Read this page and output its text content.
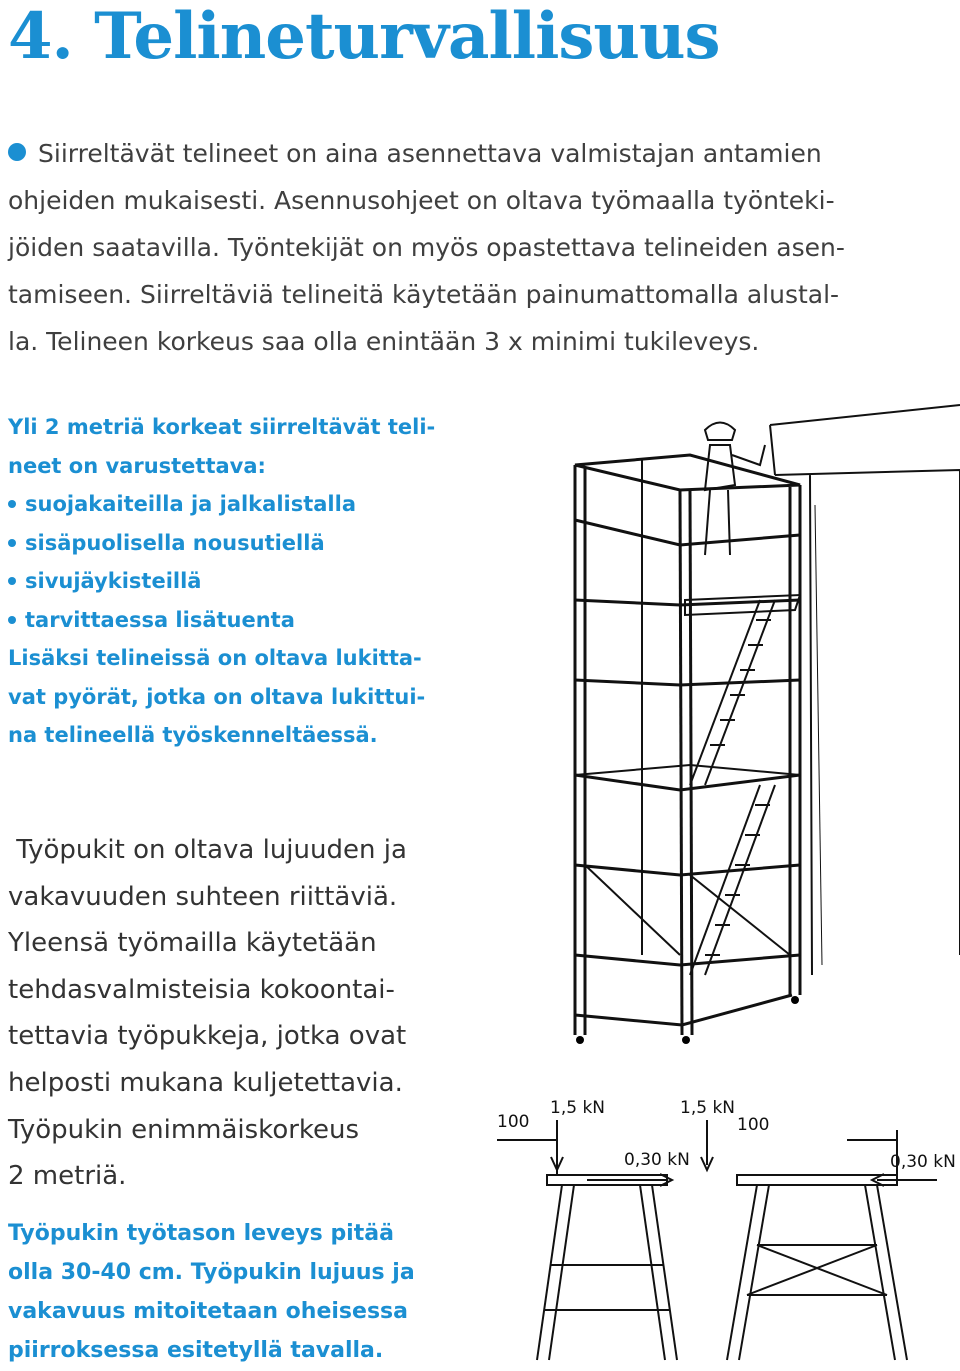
4. Telineturvallisuus
Siirreltävät telineet on aina asennettava valmistajan antamien
ohjeiden mukaisesti. Asennusohjeet on oltava työmaalla työnteki-
jöiden saatavilla. Työntekijät on myös opastettava telineiden asen-
tamiseen. Siirreltäviä telineitä käytetään painumattomalla alustal-
la. Telineen korkeus saa olla enintään 3 x minimi tukileveys.
Yli 2 metriä korkeat siirreltävät teli-
neet on varustettava:
suojakaiteilla ja jalkalistalla
sisäpuolisella nousutiellä
sivujäykisteillä
tarvittaessa lisätuenta
Lisäksi telineissä on oltava lukitta-
vat pyörät, jotka on oltava lukittui-
na telineellä työskenneltäessä.
Työpukit on oltava lujuuden ja
vakavuuden suhteen riittäviä.
Yleensä työmailla käytetään
tehdasvalmisteisia kokoontai-
tettavia työpukkeja, jotka ovat
helposti mukana kuljetettavia.
Työpukin enimmäiskorkeus
2 metriä.
100
1,5 kN
0,30 kN
1,5 kN
100
0,30 kN
Työpukin työtason leveys pitää
olla 30-40 cm. Työpukin lujuus ja
vakavuus mitoitetaan oheisessa
piirroksessa esitetyllä tavalla.
